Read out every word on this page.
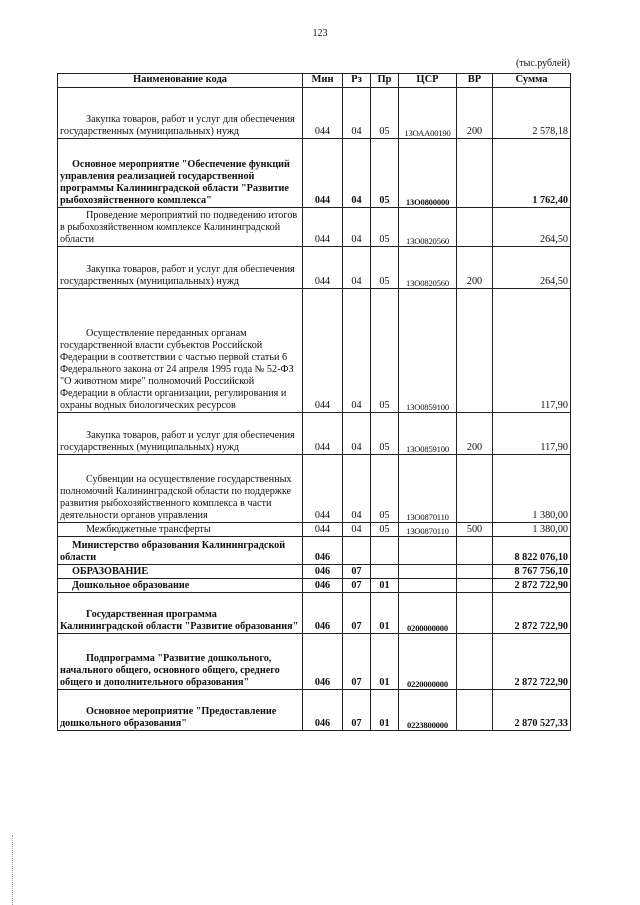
123
(тыс.рублей)
Наименование кода	Мин	Рз	Пр	ЦСР	ВР	Сумма
Закупка товаров, работ и услуг для обеспечения государственных (муниципальных) нужд	044	04	05	13ОАА00190	200	2 578,18
Основное мероприятие "Обеспечение функций управления реализацией государственной программы Калининградской области "Развитие рыбохозяйственного комплекса"	044	04	05	13О0800000		1 762,40
Проведение мероприятий по подведению итогов в рыбохозяйственном комплексе Калининградской области	044	04	05	13О0820560		264,50
Закупка товаров, работ и услуг для обеспечения государственных (муниципальных) нужд	044	04	05	13О0820560	200	264,50
Осуществление переданных органам государственной власти субъектов Российской Федерации в соответствии с частью первой статьи 6 Федерального закона от 24 апреля 1995 года № 52-ФЗ "О животном мире" полномочий Российской Федерации в области организации, регулирования и охраны водных биологических ресурсов	044	04	05	13О0859100		117,90
Закупка товаров, работ и услуг для обеспечения государственных (муниципальных) нужд	044	04	05	13О0859100	200	117,90
Субвенции на осуществление государственных полномочий Калининградской области по поддержке развития рыбохозяйственного комплекса в части деятельности органов управления	044	04	05	13О0870110		1 380,00
Межбюджетные трансферты	044	04	05	13О0870110	500	1 380,00
Министерство образования Калининградской области	046					8 822 076,10
ОБРАЗОВАНИЕ	046	07				8 767 756,10
Дошкольное образование	046	07	01			2 872 722,90
Государственная программа Калининградской области "Развитие образования"	046	07	01	0200000000		2 872 722,90
Подпрограмма "Развитие дошкольного, начального общего, основного общего, среднего общего и дополнительного образования"	046	07	01	0220000000		2 872 722,90
Основное мероприятие "Предоставление дошкольного образования"	046	07	01	0223800000		2 870 527,33
